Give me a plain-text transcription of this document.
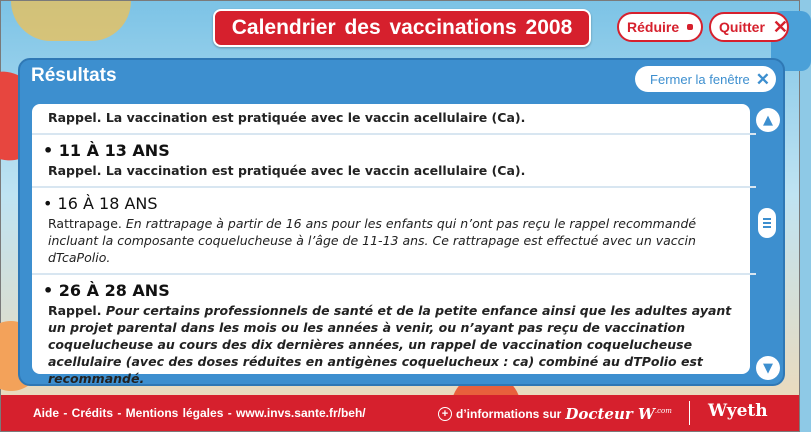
Calendrier des vaccinations 2008	Réduire	Quitter ✕
Résultats	Fermer la fenêtre ✕
Rappel. La vaccination est pratiquée avec le vaccin acellulaire (Ca).
• 11 À 13 ANS
Rappel. La vaccination est pratiquée avec le vaccin acellulaire (Ca).
• 16 À 18 ANS
Rattrapage. En rattrapage à partir de 16 ans pour les enfants qui n’ont pas reçu le rappel recommandé incluant la composante coquelucheuse à l’âge de 11-13 ans. Ce rattrapage est effectué avec un vaccin dTcaPolio.
• 26 À 28 ANS
Rappel. Pour certains professionnels de santé et de la petite enfance ainsi que les adultes ayant un projet parental dans les mois ou les années à venir, ou n’ayant pas reçu de vaccination coquelucheuse au cours des dix dernières années, un rappel de vaccination coquelucheuse acellulaire (avec des doses réduites en antigènes coquelucheux : ca) combiné au dTPolio est recommandé.
▲
▼
Aide - Crédits - Mentions légales - www.invs.sante.fr/beh/	+ d’informations sur Docteur $W^{.com}$ Wyeth
